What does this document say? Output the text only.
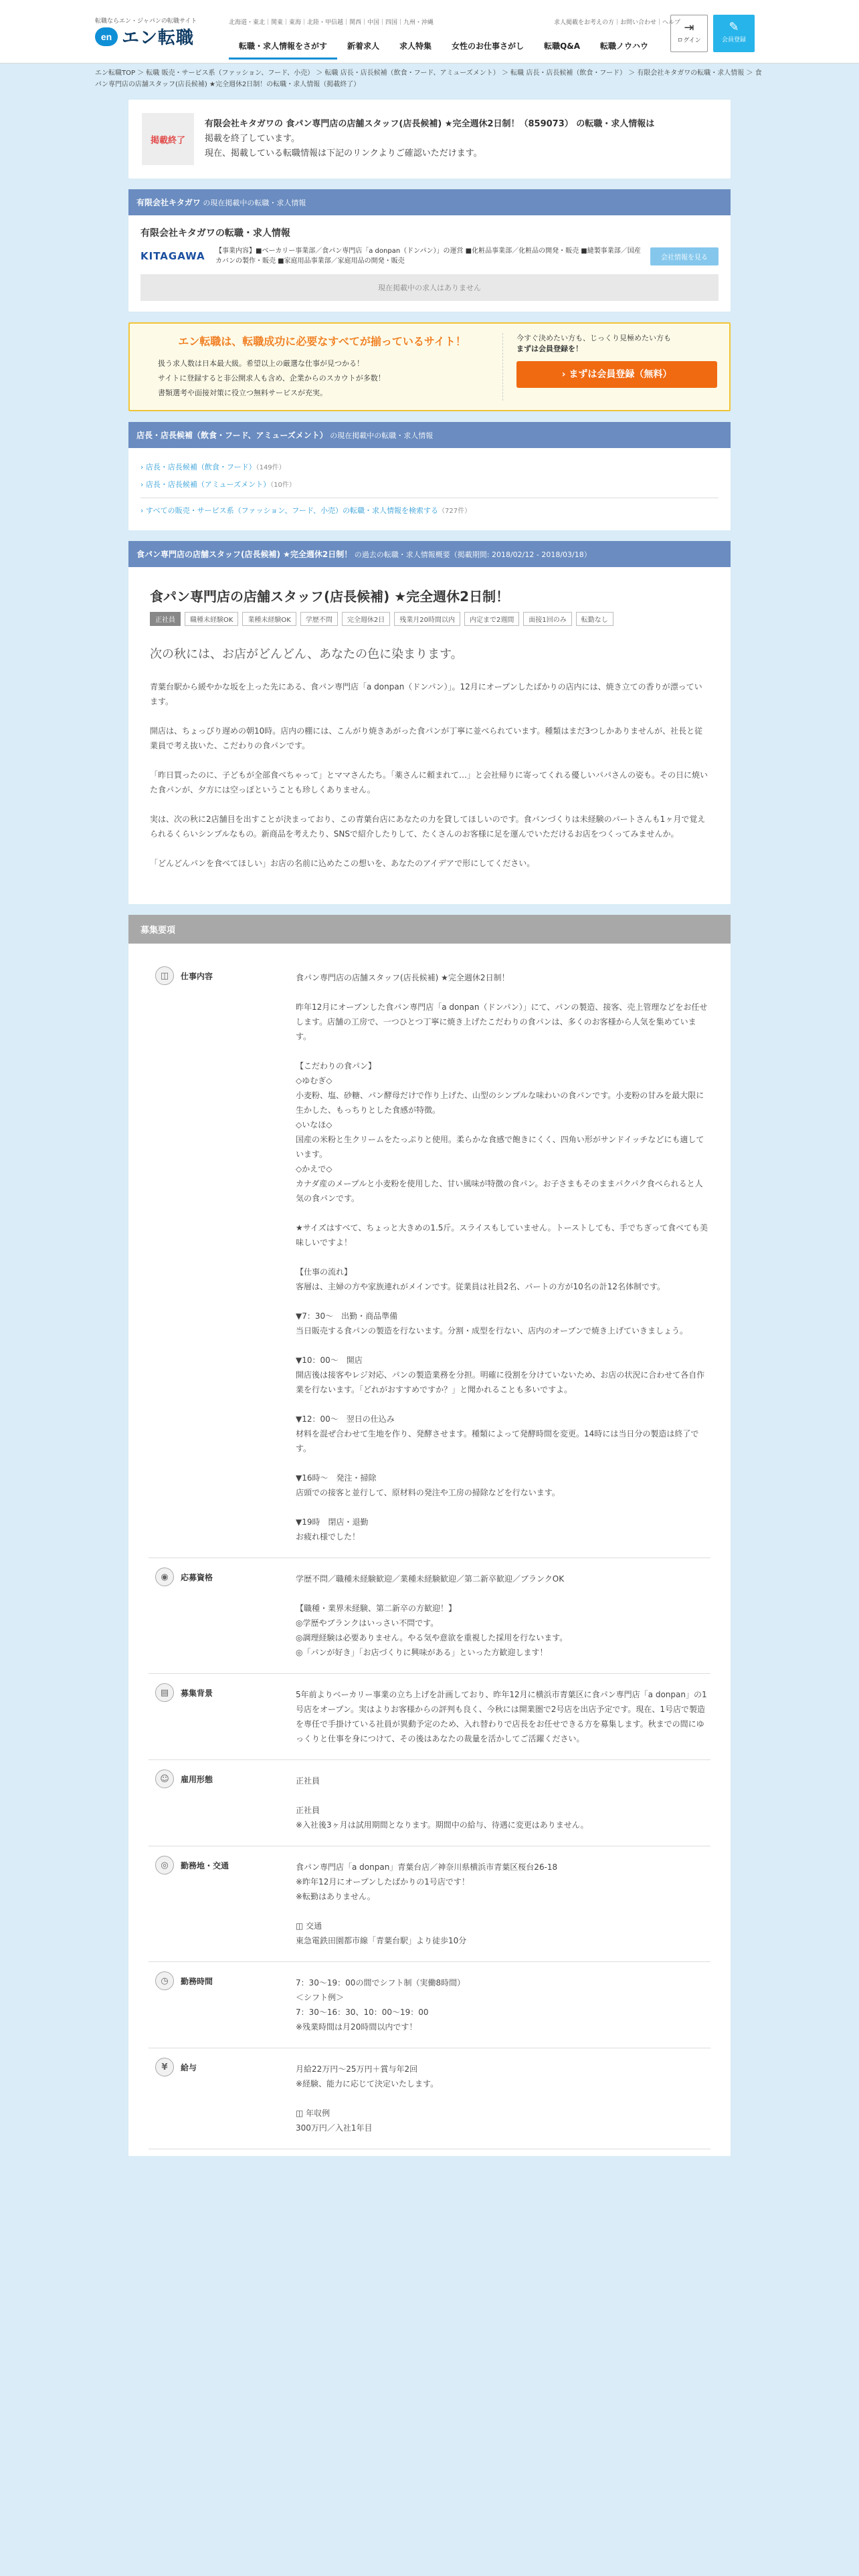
転職ならエン・ジャパンの転職サイト
en エン転職
北海道・東北｜関東｜東海｜北陸・甲信越｜関西｜中国｜四国｜九州・沖縄	求人掲載をお考えの方｜お問い合わせ｜ヘルプ
転職・求人情報をさがす	新着求人	求人特集	女性のお仕事さがし	転職Q&A	転職ノウハウ
⇥
ログイン
✎
会員登録
エン転職TOP ＞ 転職 販売・サービス系（ファッション、フード、小売） ＞ 転職 店長・店長候補（飲食・フード、アミューズメント） ＞ 転職 店長・店長候補（飲食・フード） ＞ 有限会社キタガワの転職・求人情報 ＞ 食パン専門店の店舗スタッフ(店長候補) ★完全週休2日制！の転職・求人情報（掲載終了）
掲載終了

有限会社キタガワの 食パン専門店の店舗スタッフ(店長候補) ★完全週休2日制！（859073） の転職・求人情報は

掲載を終了しています。

現在、掲載している転職情報は下記のリンクよりご確認いただけます。

有限会社キタガワ の現在掲載中の転職・求人情報
有限会社キタガワの転職・求人情報
KITAGAWA	【事業内容】■ベーカリー事業部／食パン専門店「a donpan（ドンパン）」の運営 ■化粧品事業部／化粧品の開発・販売 ■縫製事業部／国産カバンの製作・販売 ■家庭用品事業部／家庭用品の開発・販売	会社情報を見る
現在掲載中の求人はありません
エン転職は、転職成功に必要なすべてが揃っているサイト！
扱う求人数は日本最大級。希望以上の厳選な仕事が見つかる！
サイトに登録すると非公開求人も含め、企業からのスカウトが多数！
書類選考や面接対策に役立つ無料サービスが充実。
今すぐ決めたい方も、じっくり見極めたい方も
まずは会員登録を！
› まずは会員登録（無料）
店長・店長候補（飲食・フード、アミューズメント） の現在掲載中の転職・求人情報
› 店長・店長候補（飲食・フード）（149件）
› 店長・店長候補（アミューズメント）（10件）
› すべての販売・サービス系（ファッション、フード、小売）の転職・求人情報を検索する（727件）
食パン専門店の店舗スタッフ(店長候補) ★完全週休2日制！ の過去の転職・求人情報概要（掲載期間: 2018/02/12 - 2018/03/18）
食パン専門店の店舗スタッフ(店長候補) ★完全週休2日制！
正社員	職種未経験OK	業種未経験OK	学歴不問	完全週休2日	残業月20時間以内	内定まで2週間	面接1回のみ	転勤なし
次の秋には、お店がどんどん、あなたの色に染まります。

青葉台駅から緩やかな坂を上った先にある、食パン専門店「a donpan（ドンパン）」。12月にオープンしたばかりの店内には、焼き立ての香りが漂っています。

開店は、ちょっぴり遅めの朝10時。店内の棚には、こんがり焼きあがった食パンが丁寧に並べられています。種類はまだ3つしかありませんが、社長と従業員で考え抜いた、こだわりの食パンです。

「昨日買ったのに、子どもが全部食べちゃって」とママさんたち。「薬さんに頼まれて…」と会社帰りに寄ってくれる優しいパパさんの姿も。その日に焼いた食パンが、夕方には空っぽということも珍しくありません。

実は、次の秋に2店舗目を出すことが決まっており、この青葉台店にあなたの力を貸してほしいのです。食パンづくりは未経験のパートさんも1ヶ月で覚えられるくらいシンプルなもの。新商品を考えたり、SNSで紹介したりして、たくさんのお客様に足を運んでいただけるお店をつくってみませんか。

「どんどんパンを食べてほしい」お店の名前に込めたこの想いを、あなたのアイデアで形にしてください。

募集要項
◫	仕事内容	食パン専門店の店舗スタッフ(店長候補) ★完全週休2日制！

昨年12月にオープンした食パン専門店「a donpan（ドンパン）」にて、パンの製造、接客、売上管理などをお任せします。店舗の工房で、一つひとつ丁寧に焼き上げたこだわりの食パンは、多くのお客様から人気を集めています。

【こだわりの食パン】
◇ゆむぎ◇
小麦粉、塩、砂糖、パン酵母だけで作り上げた、山型のシンプルな味わいの食パンです。小麦粉の甘みを最大限に生かした、もっちりとした食感が特徴。
◇いなほ◇
国産の米粉と生クリームをたっぷりと使用。柔らかな食感で飽きにくく、四角い形がサンドイッチなどにも適しています。
◇かえで◇
カナダ産のメープルと小麦粉を使用した、甘い風味が特徴の食パン。お子さまもそのままパクパク食べられると人気の食パンです。

★サイズはすべて、ちょっと大きめの1.5斤。スライスもしていません。トーストしても、手でちぎって食べても美味しいですよ！

【仕事の流れ】
客層は、主婦の方や家族連れがメインです。従業員は社員2名、パートの方が10名の計12名体制です。

▼7：30〜　出勤・商品準備
当日販売する食パンの製造を行ないます。分割・成型を行ない、店内のオーブンで焼き上げていきましょう。

▼10：00〜　開店
開店後は接客やレジ対応、パンの製造業務を分担。明確に役割を分けていないため、お店の状況に合わせて各自作業を行ないます。「どれがおすすめですか？」と聞かれることも多いですよ。

▼12：00〜　翌日の仕込み
材料を混ぜ合わせて生地を作り、発酵させます。種類によって発酵時間を変更。14時には当日分の製造は終了です。

▼16時〜　発注・掃除
店頭での接客と並行して、原材料の発注や工房の掃除などを行ないます。

▼19時　閉店・退勤
お疲れ様でした！
◉	応募資格	学歴不問／職種未経験歓迎／業種未経験歓迎／第二新卒歓迎／ブランクOK

【職種・業界未経験、第二新卒の方歓迎！】
◎学歴やブランクはいっさい不問です。
◎調理経験は必要ありません。やる気や意欲を重視した採用を行ないます。
◎「パンが好き」「お店づくりに興味がある」といった方歓迎します！
▤	募集背景	5年前よりベーカリー事業の立ち上げを計画しており、昨年12月に横浜市青葉区に食パン専門店「a donpan」の1号店をオープン。実はよりお客様からの評判も良く、今秋には開業圏で2号店を出店予定です。現在、1号店で製造を専任で手掛けている社員が異動予定のため、入れ替わりで店長をお任せできる方を募集します。秋までの間にゆっくりと仕事を身につけて、その後はあなたの裁量を活かしてご活躍ください。
☺	雇用形態	正社員

正社員
※入社後3ヶ月は試用期間となります。期間中の給与、待遇に変更はありません。
◎	勤務地・交通	食パン専門店「a donpan」青葉台店／神奈川県横浜市青葉区桜台26-18
※昨年12月にオープンしたばかりの1号店です！
※転勤はありません。

◫ 交通
東急電鉄田園都市線「青葉台駅」より徒歩10分
◷	勤務時間	7：30〜19：00の間でシフト制（実働8時間）
＜シフト例＞
7：30〜16：30、10：00〜19：00
※残業時間は月20時間以内です！
¥	給与	月給22万円〜25万円＋賞与年2回
※経験、能力に応じて決定いたします。

◫ 年収例
300万円／入社1年目
